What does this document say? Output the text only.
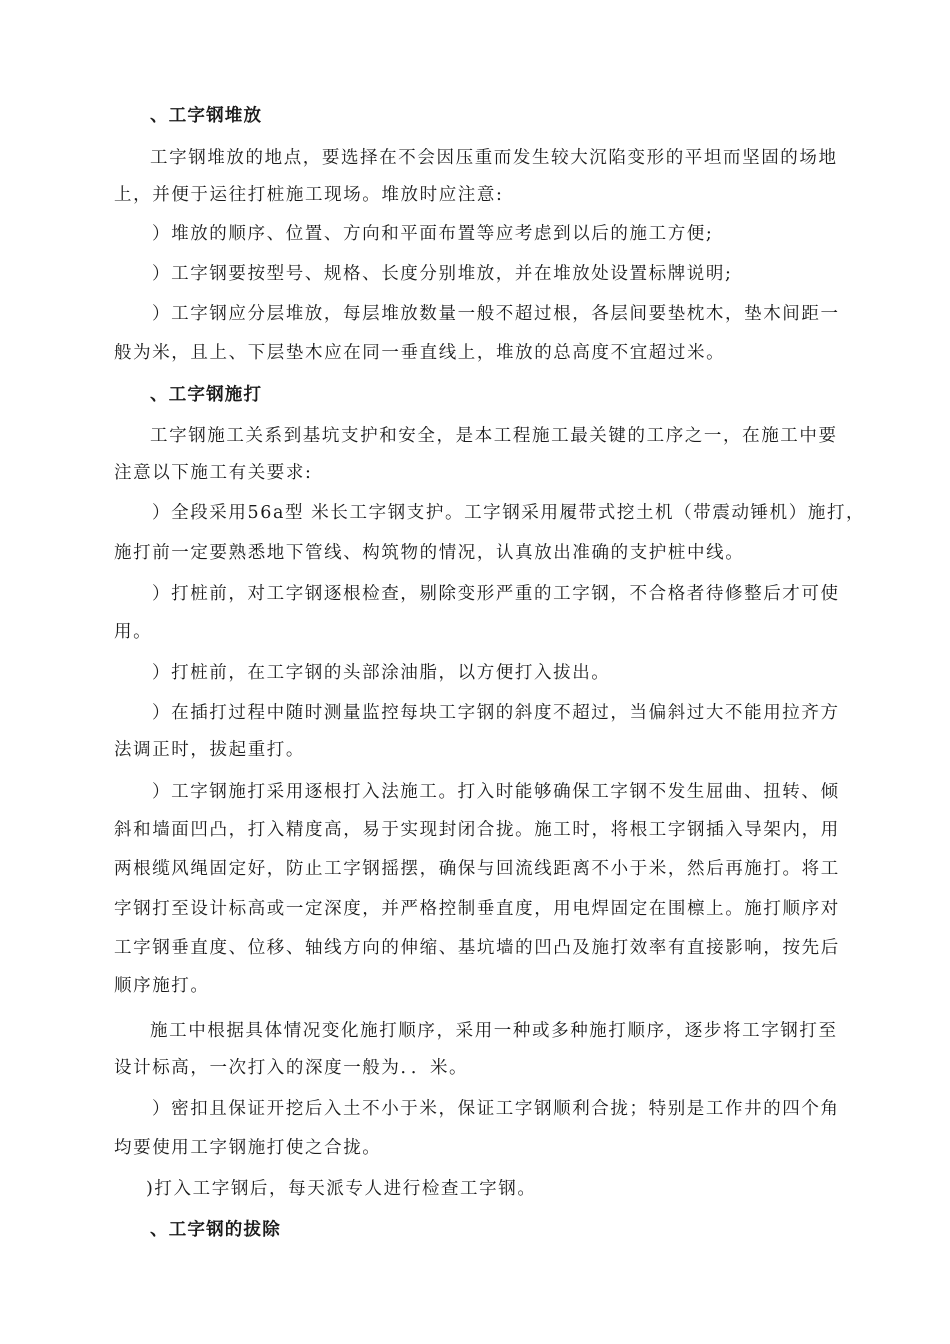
、工字钢堆放
工字钢堆放的地点，要选择在不会因压重而发生较大沉陷变形的平坦而坚固的场地
上，并便于运往打桩施工现场。堆放时应注意:
）堆放的顺序、位置、方向和平面布置等应考虑到以后的施工方便;
）工字钢要按型号、规格、长度分别堆放，并在堆放处设置标牌说明;
）工字钢应分层堆放，每层堆放数量一般不超过根，各层间要垫枕木，垫木间距一
般为米，且上、下层垫木应在同一垂直线上，堆放的总高度不宜超过米。
、工字钢施打
工字钢施工关系到基坑支护和安全，是本工程施工最关键的工序之一，在施工中要
注意以下施工有关要求:
）全段采用56a型 米长工字钢支护。工字钢采用履带式挖土机（带震动锤机）施打，
施打前一定要熟悉地下管线、构筑物的情况，认真放出准确的支护桩中线。
）打桩前，对工字钢逐根检查，剔除变形严重的工字钢，不合格者待修整后才可使
用。
）打桩前，在工字钢的头部涂油脂，以方便打入拔出。
）在插打过程中随时测量监控每块工字钢的斜度不超过，当偏斜过大不能用拉齐方
法调正时，拔起重打。
）工字钢施打采用逐根打入法施工。打入时能够确保工字钢不发生屈曲、扭转、倾
斜和墙面凹凸，打入精度高，易于实现封闭合拢。施工时，将根工字钢插入导架内，用
两根缆风绳固定好，防止工字钢摇摆，确保与回流线距离不小于米，然后再施打。将工
字钢打至设计标高或一定深度，并严格控制垂直度，用电焊固定在围檩上。施打顺序对
工字钢垂直度、位移、轴线方向的伸缩、基坑墙的凹凸及施打效率有直接影响，按先后
顺序施打。
施工中根据具体情况变化施打顺序，采用一种或多种施打顺序，逐步将工字钢打至
设计标高，一次打入的深度一般为．．米。
）密扣且保证开挖后入土不小于米，保证工字钢顺利合拢；特别是工作井的四个角
均要使用工字钢施打使之合拢。
)打入工字钢后，每天派专人进行检查工字钢。
、工字钢的拔除
